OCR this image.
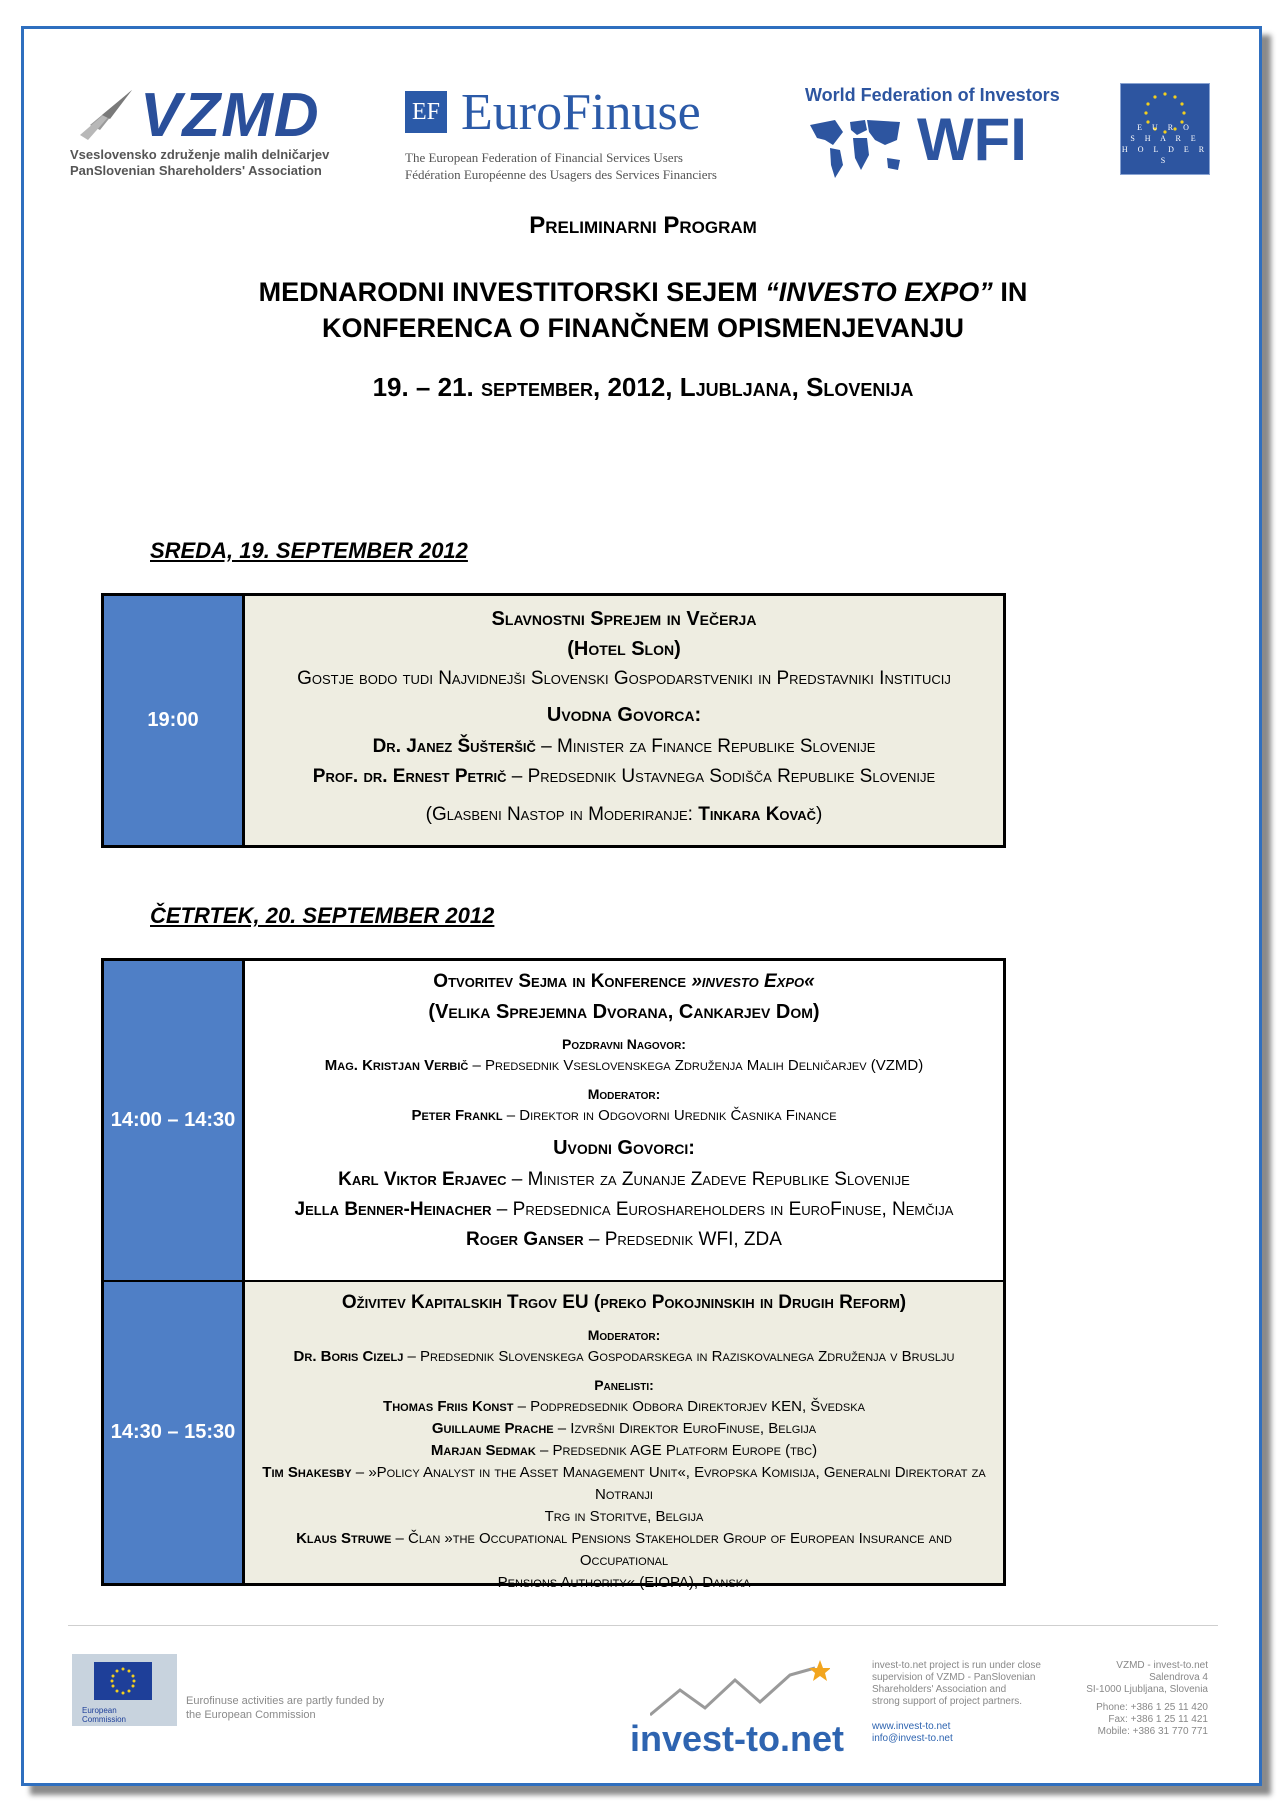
VZMD
Vseslovensko združenje malih delničarjev
PanSlovenian Shareholders' Association
EF EuroFinuse
The European Federation of Financial Services Users
Fédération Européenne des Usagers des Services Financiers
World Federation of Investors
WFI	E U R O
S H A R E
H O L D E R S
Preliminarni Program
MEDNARODNI INVESTITORSKI SEJEM “INVESTO EXPO” IN
KONFERENCA O FINANČNEM OPISMENJEVANJU
19. – 21. september, 2012, Ljubljana, Slovenija
SREDA, 19. SEPTEMBER 2012
19:00

Slavnostni Sprejem in Večerja

(Hotel Slon)

Gostje bodo tudi Najvidnejši Slovenski Gospodarstveniki in Predstavniki Institucij

Uvodna Govorca:

Dr. Janez Šušteršič – Minister za Finance Republike Slovenije

Prof. dr. Ernest Petrič – Predsednik Ustavnega Sodišča Republike Slovenije

(Glasbeni Nastop in Moderiranje: Tinkara Kovač)

ČETRTEK, 20. SEPTEMBER 2012
14:00 – 14:30

Otvoritev Sejma in Konference »investo Expo«

(Velika Sprejemna Dvorana, Cankarjev Dom)

Pozdravni Nagovor:

Mag. Kristjan Verbič – Predsednik Vseslovenskega Združenja Malih Delničarjev (VZMD)

Moderator:

Peter Frankl – Direktor in Odgovorni Urednik Časnika Finance

Uvodni Govorci:

Karl Viktor Erjavec – Minister za Zunanje Zadeve Republike Slovenije

Jella Benner-Heinacher – Predsednica Euroshareholders in EuroFinuse, Nemčija

Roger Ganser – Predsednik WFI, ZDA

14:30 – 15:30

Oživitev Kapitalskih Trgov EU (preko Pokojninskih in Drugih Reform)

Moderator:

Dr. Boris Cizelj – Predsednik Slovenskega Gospodarskega in Raziskovalnega Združenja v Bruslju

Panelisti:

Thomas Friis Konst – Podpredsednik Odbora Direktorjev KEN, Švedska

Guillaume Prache – Izvršni Direktor EuroFinuse, Belgija

Marjan Sedmak – Predsednik AGE Platform Europe (tbc)

Tim Shakesby – »Policy Analyst in the Asset Management Unit«, Evropska Komisija, Generalni Direktorat za Notranji

Trg in Storitve, Belgija

Klaus Struwe – Član »the Occupational Pensions Stakeholder Group of European Insurance and Occupational

Pensions Authority« (EIOPA), Danska

European
Commission
Eurofinuse activities are partly funded by
the European Commission
invest-to.net
invest-to.net project is run under close
supervision of VZMD - PanSlovenian
Shareholders' Association and
strong support of project partners.
www.invest-to.net
info@invest-to.net
VZMD - invest-to.net
Salendrova 4
SI-1000 Ljubljana, Slovenia
Phone: +386 1 25 11 420
Fax: +386 1 25 11 421
Mobile: +386 31 770 771
